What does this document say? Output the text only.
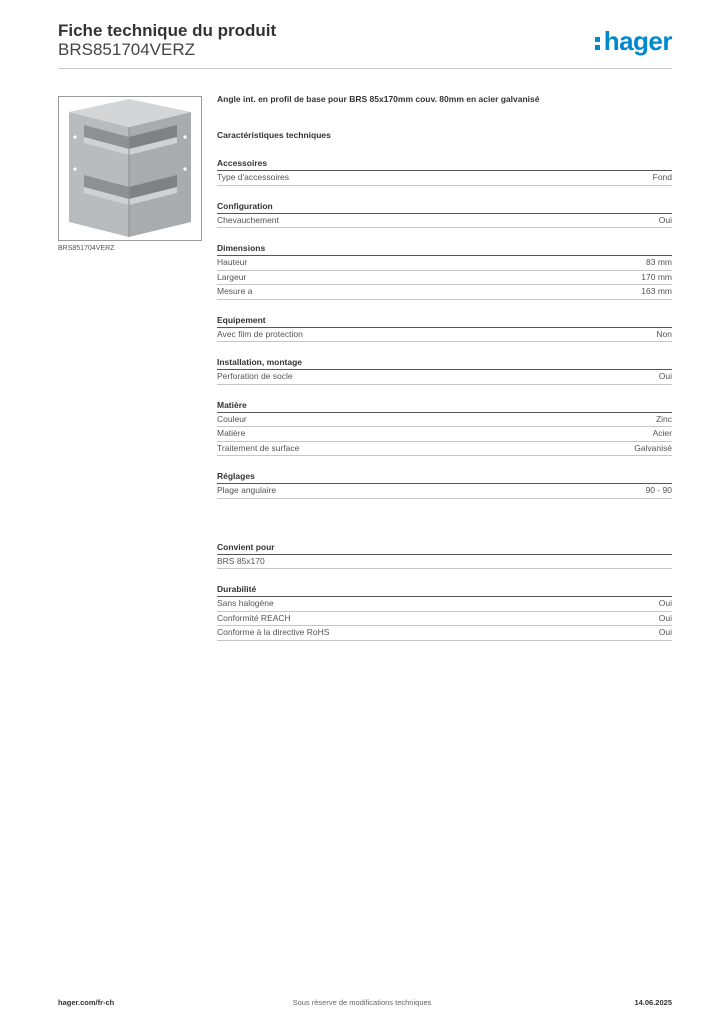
Fiche technique du produit
BRS851704VERZ	hager
BRS851704VERZ

Angle int. en profil de base pour BRS 85x170mm couv. 80mm en acier galvanisé

Caractéristiques techniques
Accessoires
Type d'accessoires	Fond
Configuration
Chevauchement	Oui
Dimensions
Hauteur	83 mm
Largeur	170 mm
Mesure a	163 mm
Equipement
Avec film de protection	Non
Installation, montage
Perforation de socle	Oui
Matière
Couleur	Zinc
Matière	Acier
Traitement de surface	Galvanisé
Réglages
Plage angulaire	90 - 90
Convient pour
BRS 85x170
Durabilité
Sans halogène	Oui
Conformité REACH	Oui
Conforme à la directive RoHS	Oui
Sous réserve de modifications techniques
hager.com/fr-ch	14.06.2025
